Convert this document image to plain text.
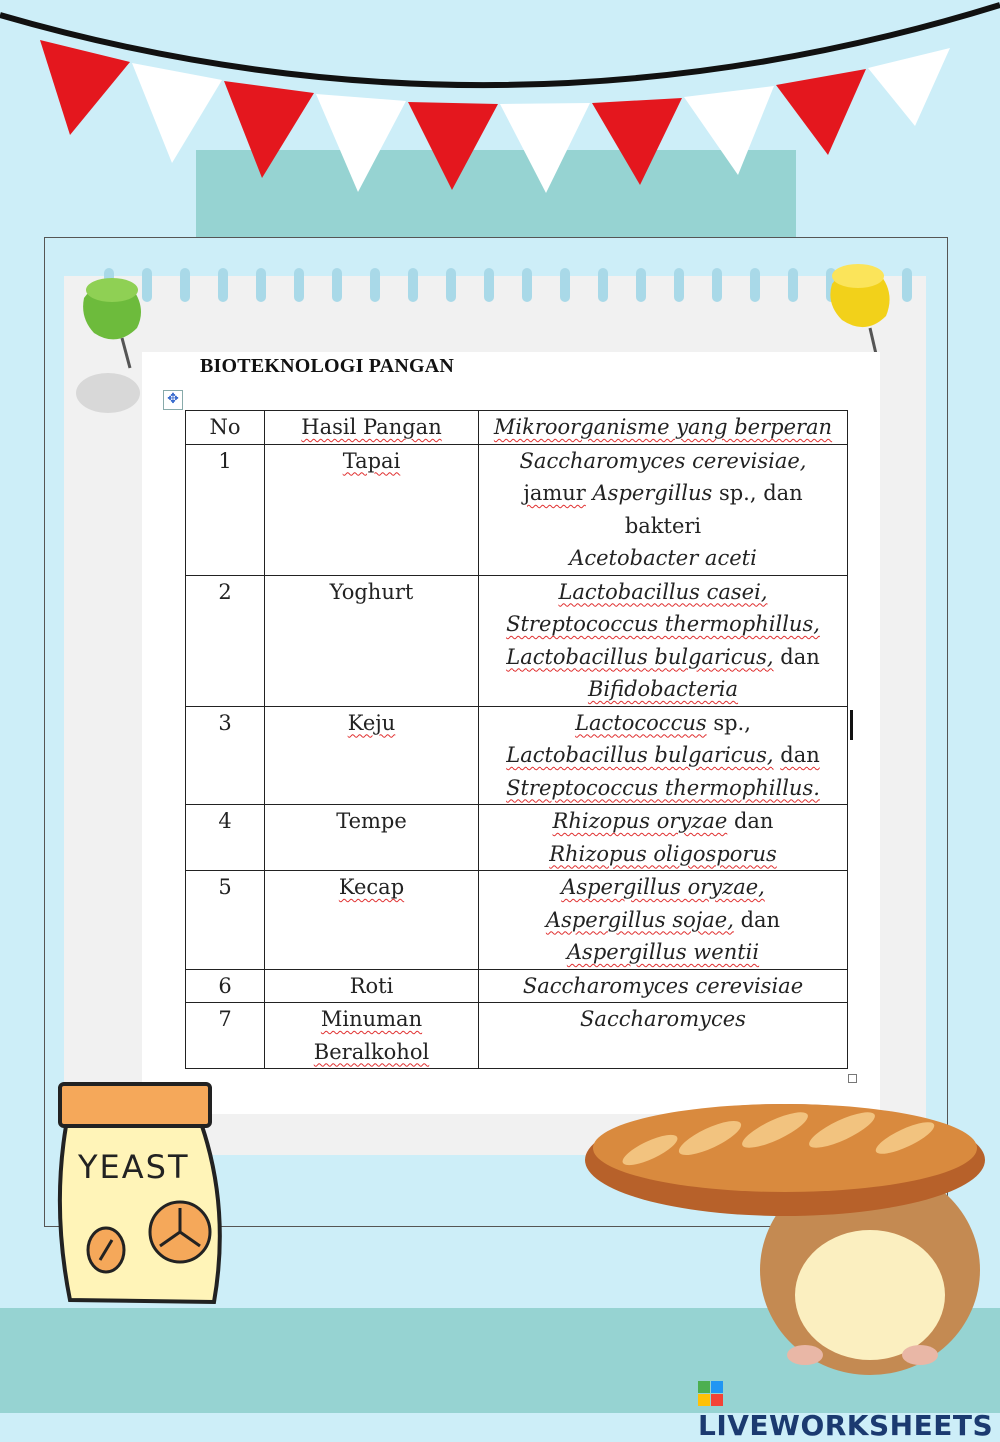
BIOTEKNOLOGI PANGAN
✥
No	Hasil Pangan	Mikroorganisme yang berperan
1	Tapai	Saccharomyces cerevisiae,
jamur Aspergillus sp., dan bakteri
Acetobacter aceti
2	Yoghurt	Lactobacillus casei,
Streptococcus thermophillus,
Lactobacillus bulgaricus, dan
Bifidobacteria
3	Keju	Lactococcus sp.,
Lactobacillus bulgaricus, dan
Streptococcus thermophillus.
4	Tempe	Rhizopus oryzae dan
Rhizopus oligosporus
5	Kecap	Aspergillus oryzae,
Aspergillus sojae, dan
Aspergillus wentii
6	Roti	Saccharomyces cerevisiae
7	Minuman Beralkohol	Saccharomyces
YEAST
LIVEWORKSHEETS
